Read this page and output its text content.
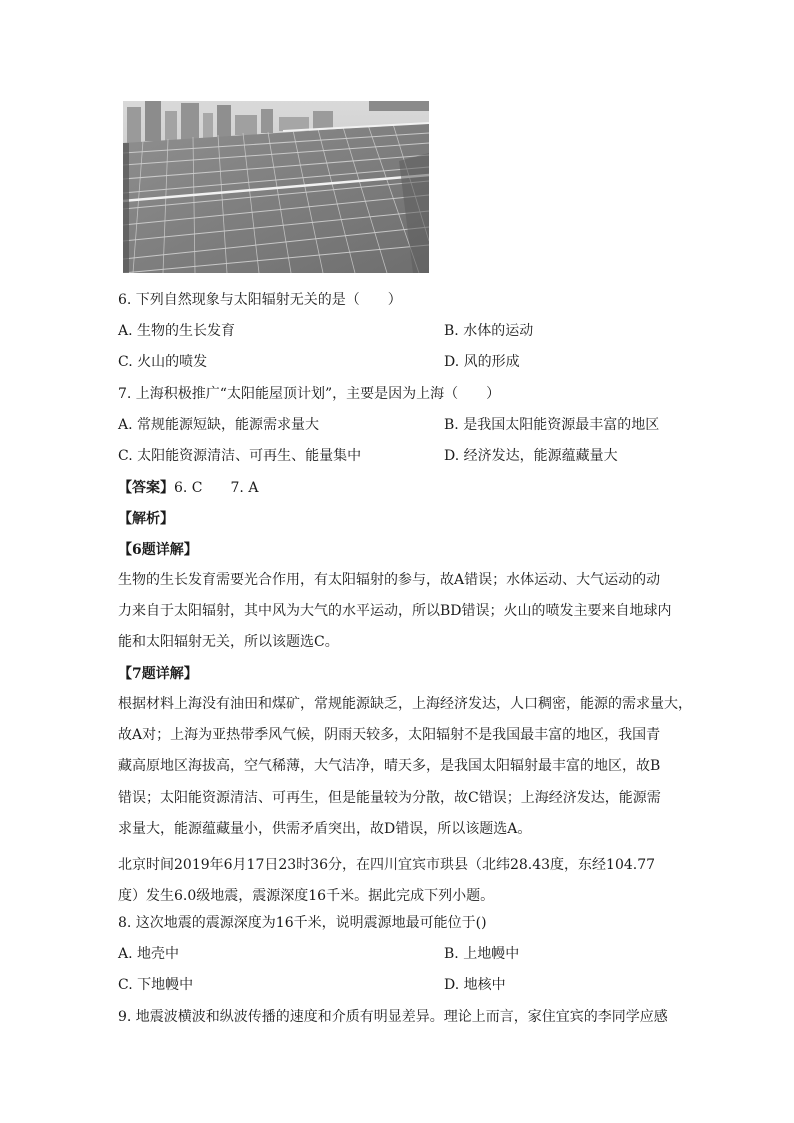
6. 下列自然现象与太阳辐射无关的是（　　）
A. 生物的生长发育	B. 水体的运动
C. 火山的喷发	D. 风的形成
7. 上海积极推广“太阳能屋顶计划”，主要是因为上海（　　）
A. 常规能源短缺，能源需求量大	B. 是我国太阳能资源最丰富的地区
C. 太阳能资源清洁、可再生、能量集中	D. 经济发达，能源蕴藏量大
【答案】6. C　　7. A
【解析】
【6题详解】
生物的生长发育需要光合作用，有太阳辐射的参与，故A错误；水体运动、大气运动的动
力来自于太阳辐射，其中风为大气的水平运动，所以BD错误；火山的喷发主要来自地球内
能和太阳辐射无关，所以该题选C。
【7题详解】
根据材料上海没有油田和煤矿，常规能源缺乏，上海经济发达，人口稠密，能源的需求量大，
故A对；上海为亚热带季风气候，阴雨天较多，太阳辐射不是我国最丰富的地区，我国青
藏高原地区海拔高，空气稀薄，大气洁净，晴天多，是我国太阳辐射最丰富的地区，故B
错误；太阳能资源清洁、可再生，但是能量较为分散，故C错误；上海经济发达，能源需
求量大，能源蕴藏量小，供需矛盾突出，故D错误，所以该题选A。
北京时间2019年6月17日23时36分，在四川宜宾市珙县（北纬28.43度，东经104.77
度）发生6.0级地震，震源深度16千米。据此完成下列小题。
8. 这次地震的震源深度为16千米，说明震源地最可能位于()
A. 地壳中	B. 上地幔中
C. 下地幔中	D. 地核中
9. 地震波横波和纵波传播的速度和介质有明显差异。理论上而言，家住宜宾的李同学应感
